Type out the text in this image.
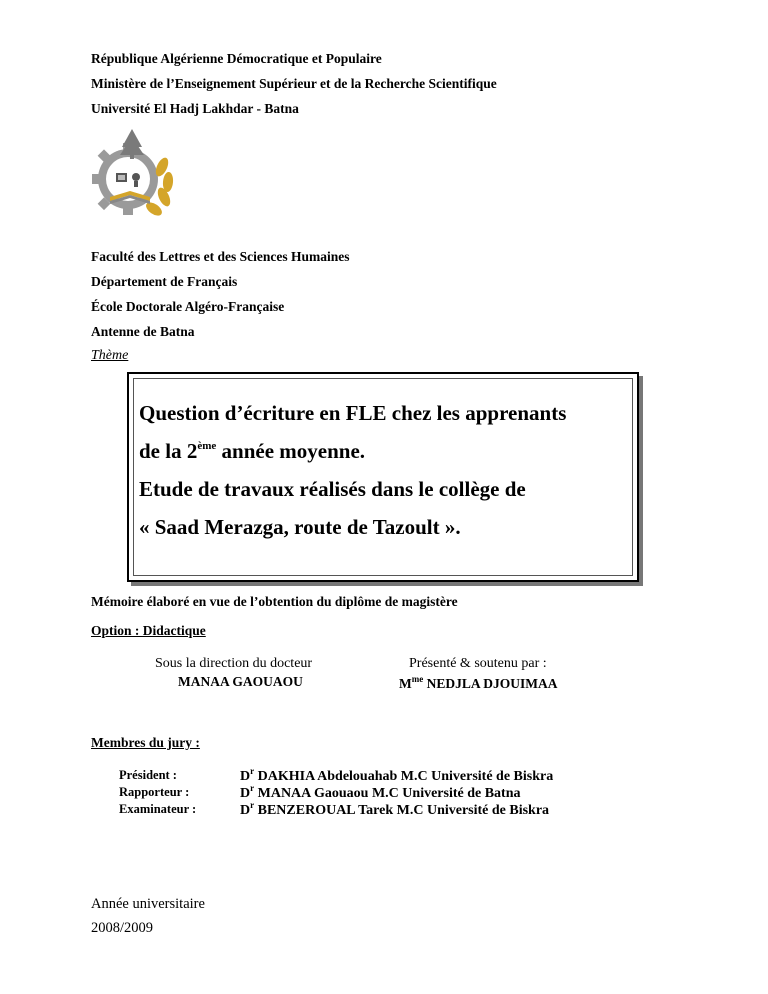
République Algérienne Démocratique et Populaire
Ministère de l’Enseignement Supérieur et de la Recherche Scientifique
Université El Hadj Lakhdar - Batna
Faculté des Lettres et des Sciences Humaines
Département de Français
École Doctorale Algéro-Française
Antenne de Batna
Thème
Question d’écriture en FLE chez les apprenants
de la 2ème année moyenne.
Etude de travaux réalisés dans le collège de
« Saad Merazga, route de Tazoult ».
Mémoire élaboré en vue de l’obtention du diplôme de magistère
Option : Didactique
Sous la direction du docteur
MANAA GAOUAOU
Présenté & soutenu par :
$M^{me}$ NEDJLA DJOUIMAA
Membres du jury :
Président :	$D^r$ DAKHIA Abdelouahab M.C Université de Biskra
Rapporteur :	$D^r$ MANAA Gaouaou M.C Université de Batna
Examinateur :	$D^r$ BENZEROUAL Tarek M.C Université de Biskra
Année universitaire
2008/2009
